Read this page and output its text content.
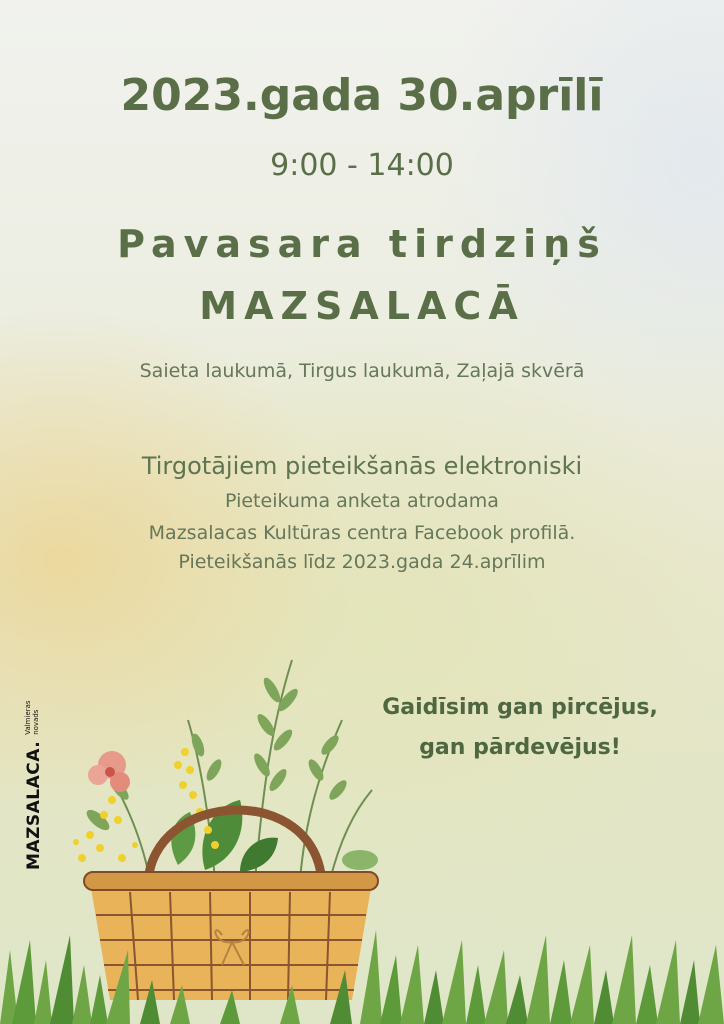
2023.gada 30.aprīlī

9:00 - 14:00

Pavasara tirdziņš

MAZSALACĀ

Saieta laukumā, Tirgus laukumā, Zaļajā skvērā

Tirgotājiem pieteikšanās elektroniski

Pieteikuma anketa atrodama

Mazsalacas Kultūras centra Facebook profilā.

Pieteikšanās līdz 2023.gada 24.aprīlim

Gaidīsim gan pircējus,

gan pārdevējus!

MAZSALACA.
Valmieras
novads
